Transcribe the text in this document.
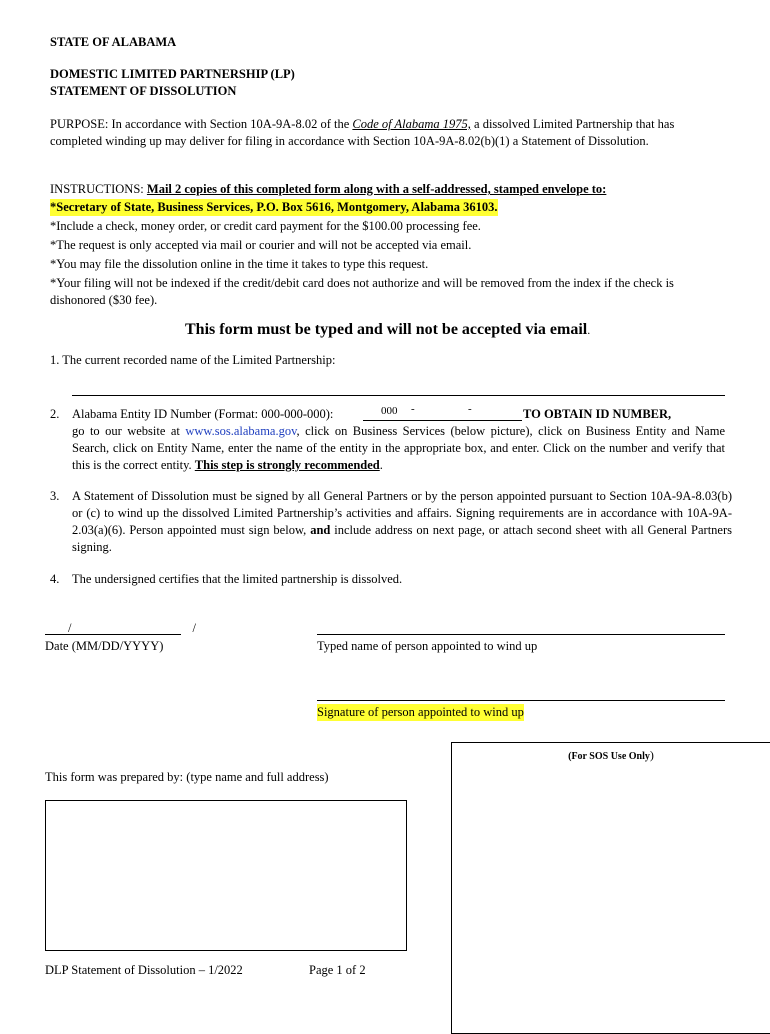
STATE OF ALABAMA
DOMESTIC LIMITED PARTNERSHIP (LP)
STATEMENT OF DISSOLUTION
PURPOSE: In accordance with Section 10A-9A-8.02 of the Code of Alabama 1975, a dissolved Limited Partnership that has completed winding up may deliver for filing in accordance with Section 10A-9A-8.02(b)(1) a Statement of Dissolution.
INSTRUCTIONS: Mail 2 copies of this completed form along with a self-addressed, stamped envelope to:
*Secretary of State, Business Services, P.O. Box 5616, Montgomery, Alabama 36103.
*Include a check, money order, or credit card payment for the $100.00 processing fee.
*The request is only accepted via mail or courier and will not be accepted via email.
*You may file the dissolution online in the time it takes to type this request.
*Your filing will not be indexed if the credit/debit card does not authorize and will be removed from the index if the check is dishonored ($30 fee).
This form must be typed and will not be accepted via email.
1. The current recorded name of the Limited Partnership:
2. Alabama Entity ID Number (Format: 000-000-000):	000 -	-	TO OBTAIN ID NUMBER,
go to our website at www.sos.alabama.gov, click on Business Services (below picture), click on Business Entity and Name Search, click on Entity Name, enter the name of the entity in the appropriate box, and enter. Click on the number and verify that this is the correct entity. This step is strongly recommended.
3. A Statement of Dissolution must be signed by all General Partners or by the person appointed pursuant to Section 10A-9A-8.03(b) or (c) to wind up the dissolved Limited Partnership’s activities and affairs. Signing requirements are in accordance with 10A-9A-2.03(a)(6). Person appointed must sign below, and include address on next page, or attach second sheet with all General Partners signing.
4. The undersigned certifies that the limited partnership is dissolved.
/        /
Date (MM/DD/YYYY)	Typed name of person appointed to wind up
Signature of person appointed to wind up
This form was prepared by: (type name and full address)
(For SOS Use Only)
DLP Statement of Dissolution – 1/2022	Page 1 of 2
